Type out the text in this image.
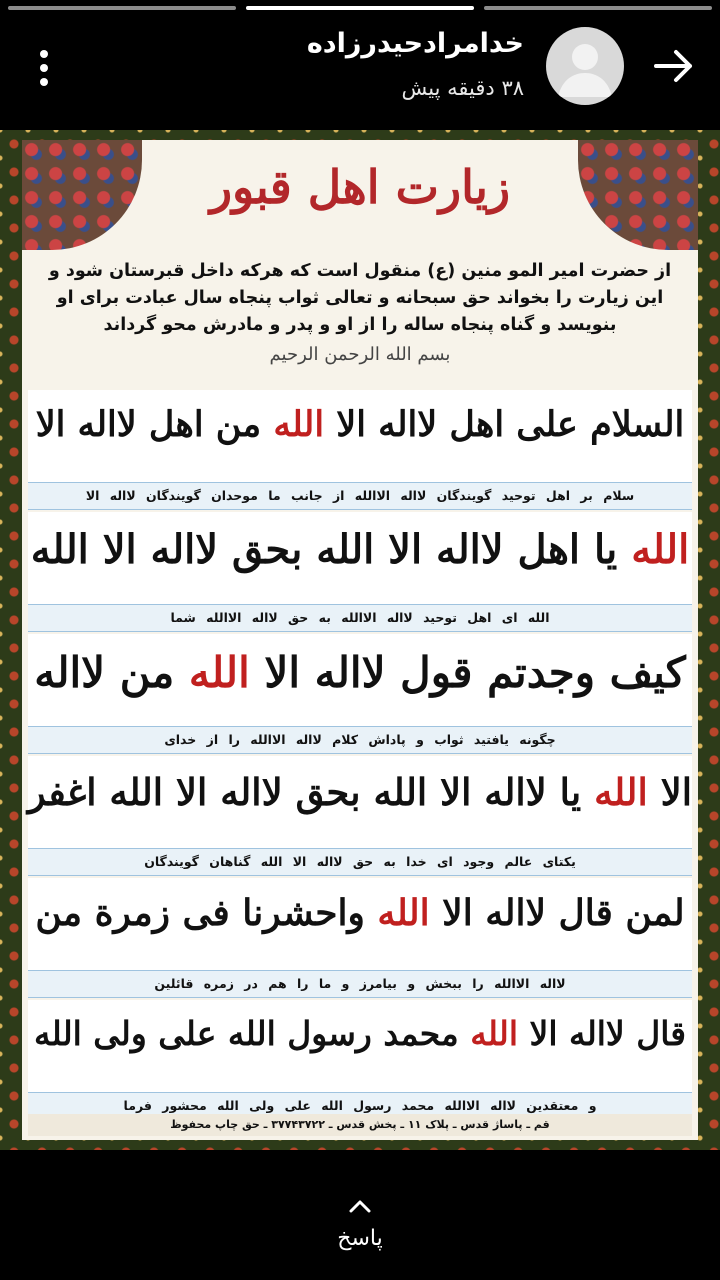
خدامرادحیدرزاده
۳۸ دقیقه پیش
زیارت اهل قبور
از حضرت امیر المو منین (ع) منقول است که هرکه داخل قبرستان شود و این زیارت را بخواند حق سبحانه و تعالی ثواب پنجاه سال عبادت برای او بنویسد و گناه پنجاه ساله را از او و پدر و مادرش محو گرداند
بسم الله الرحمن الرحیم
السلام علی اهل لااله الا الله من اهل لااله الا
سلام بر اهل توحید گویندگان لااله الاالله از جانب ما موحدان گویندگان لااله الا
الله یا اهل لااله الا الله بحق لااله الا الله
الله ای اهل توحید لااله الاالله به حق لااله الاالله شما
کیف وجدتم قول لااله الا الله من لااله
چگونه یافتید ثواب و پاداش کلام لااله الاالله را از خدای
الا الله یا لااله الا الله بحق لااله الا الله اغفر
یکتای عالم وجود ای خدا به حق لااله الا الله گناهان گویندگان
لمن قال لااله الا الله واحشرنا فی زمرة من
لااله الاالله را ببخش و بیامرز و ما را هم در زمره قائلین
قال لااله الا الله محمد رسول الله علی ولی الله
و معتقدین لااله الاالله محمد رسول الله علی ولی الله محشور فرما
قم ـ پاساژ قدس ـ پلاک ۱۱ ـ پخش قدس ـ ۳۷۷۴۳۷۲۲ ـ حق چاپ محفوظ
پاسخ
